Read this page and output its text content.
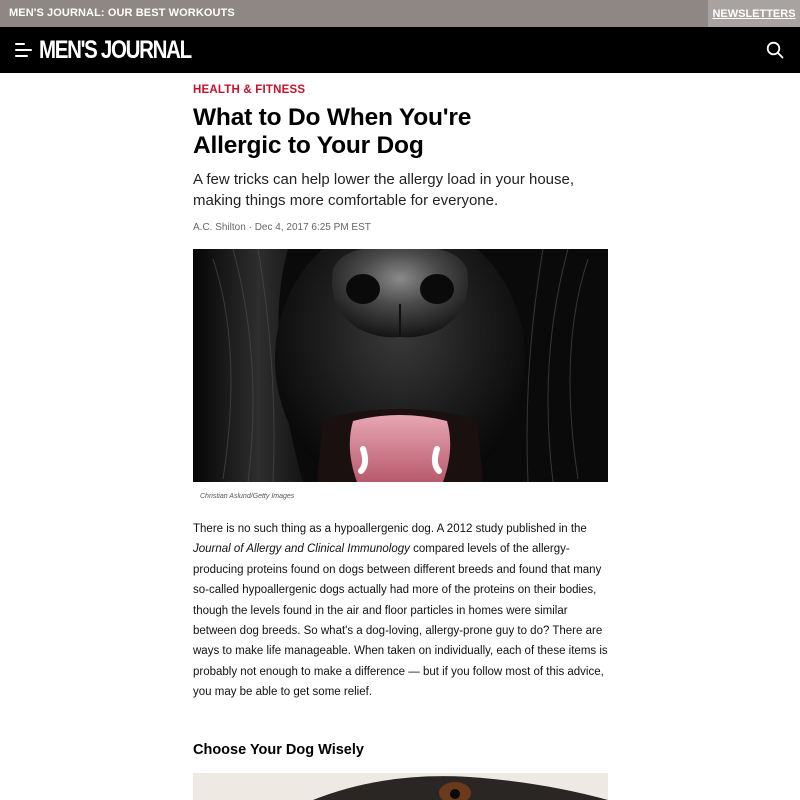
MEN'S JOURNAL: OUR BEST WORKOUTS	NEWSLETTERS
MEN'S JOURNAL
HEALTH & FITNESS
What to Do When You're
Allergic to Your Dog

A few tricks can help lower the allergy load in your house, making things more comfortable for everyone.

A.C. Shilton · Dec 4, 2017 6:25 PM EST
Christian Aslund/Getty Images

There is no such thing as a hypoallergenic dog. A 2012 study published in the Journal of Allergy and Clinical Immunology compared levels of the allergy-producing proteins found on dogs between different breeds and found that many so-called hypoallergenic dogs actually had more of the proteins on their bodies, though the levels found in the air and floor particles in homes were similar between dog breeds. So what's a dog-loving, allergy-prone guy to do? There are ways to make life manageable. When taken on individually, each of these items is probably not enough to make a difference — but if you follow most of this advice, you may be able to get some relief.

Choose Your Dog Wisely
